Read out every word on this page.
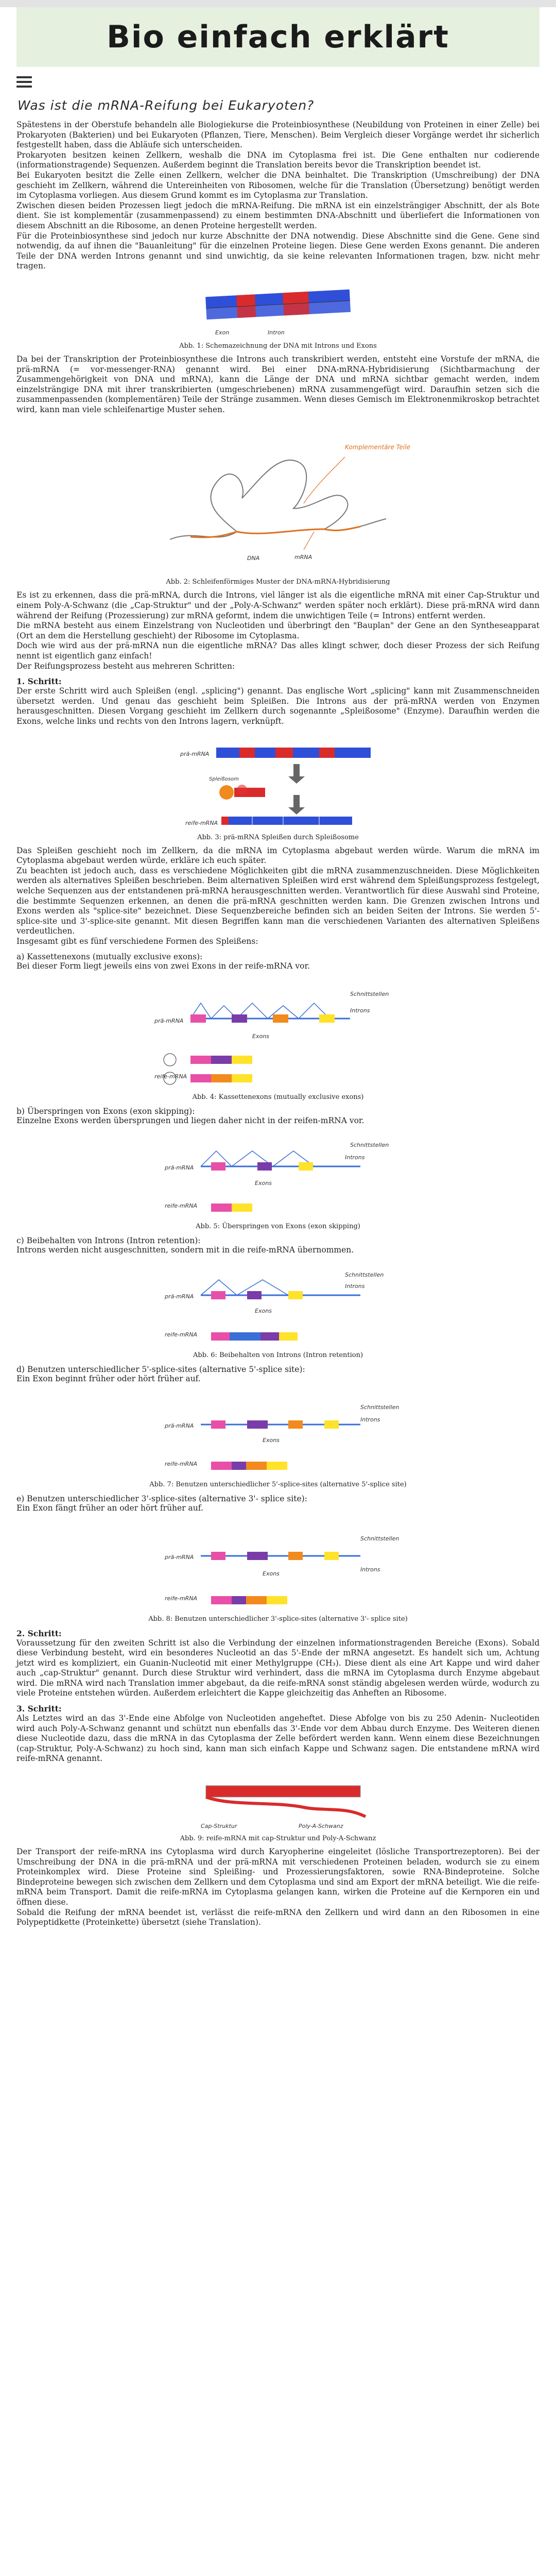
Bio einfach erklärt
Was ist die mRNA-Reifung bei Eukaryoten?

Spätestens in der Oberstufe behandeln alle Biologiekurse die Proteinbiosynthese (Neubildung von Proteinen in einer Zelle) bei Prokaryoten (Bakterien) und bei Eukaryoten (Pflanzen, Tiere, Menschen). Beim Vergleich dieser Vorgänge werdet ihr sicherlich festgestellt haben, dass die Abläufe sich unterscheiden.

Prokaryoten besitzen keinen Zellkern, weshalb die DNA im Cytoplasma frei ist. Die Gene enthalten nur codierende (informationstragende) Sequenzen. Außerdem beginnt die Translation bereits bevor die Transkription beendet ist.

Bei Eukaryoten besitzt die Zelle einen Zellkern, welcher die DNA beinhaltet. Die Transkription (Umschreibung) der DNA geschieht im Zellkern, während die Untereinheiten von Ribosomen, welche für die Translation (Übersetzung) benötigt werden im Cytoplasma vorliegen. Aus diesem Grund kommt es im Cytoplasma zur Translation.

Zwischen diesen beiden Prozessen liegt jedoch die mRNA-Reifung. Die mRNA ist ein einzelsträngiger Abschnitt, der als Bote dient. Sie ist komplementär (zusammenpassend) zu einem bestimmten DNA-Abschnitt und überliefert die Informationen von diesem Abschnitt an die Ribosome, an denen Proteine hergestellt werden.

Für die Proteinbiosynthese sind jedoch nur kurze Abschnitte der DNA notwendig. Diese Abschnitte sind die Gene. Gene sind notwendig, da auf ihnen die "Bauanleitung" für die einzelnen Proteine liegen. Diese Gene werden Exons genannt. Die anderen Teile der DNA werden Introns genannt und sind unwichtig, da sie keine relevanten Informationen tragen, bzw. nicht mehr tragen.

Exon	Intron
Abb. 1: Schemazeichnung der DNA mit Introns und Exons

Da bei der Transkription der Proteinbiosynthese die Introns auch transkribiert werden, entsteht eine Vorstufe der mRNA, die prä-mRNA (= vor-messenger-RNA) genannt wird. Bei einer DNA-mRNA-Hybridisierung (Sichtbarmachung der Zusammengehörigkeit von DNA und mRNA), kann die Länge der DNA und mRNA sichtbar gemacht werden, indem einzelsträngige DNA mit ihrer transkribierten (umgeschriebenen) mRNA zusammengefügt wird. Daraufhin setzen sich die zusammenpassenden (komplementären) Teile der Stränge zusammen. Wenn dieses Gemisch im Elektronenmikroskop betrachtet wird, kann man viele schleifenartige Muster sehen.

Komplementäre Teile
DNA	mRNA
Abb. 2: Schleifenförmiges Muster der DNA-mRNA-Hybridisierung

Es ist zu erkennen, dass die prä-mRNA, durch die Introns, viel länger ist als die eigentliche mRNA mit einer Cap-Struktur und einem Poly-A-Schwanz (die „Cap-Struktur" und der „Poly-A-Schwanz" werden später noch erklärt). Diese prä-mRNA wird dann während der Reifung (Prozessierung) zur mRNA geformt, indem die unwichtigen Teile (= Introns) entfernt werden.

Die mRNA besteht aus einem Einzelstrang von Nucleotiden und überbringt den "Bauplan" der Gene an den Syntheseapparat (Ort an dem die Herstellung geschieht) der Ribosome im Cytoplasma.

Doch wie wird aus der prä-mRNA nun die eigentliche mRNA? Das alles klingt schwer, doch dieser Prozess der sich Reifung nennt ist eigentlich ganz einfach!

Der Reifungsprozess besteht aus mehreren Schritten:

1. Schritt:

Der erste Schritt wird auch Spleißen (engl. „splicing") genannt. Das englische Wort „splicing" kann mit Zusammenschneiden übersetzt werden. Und genau das geschieht beim Spleißen. Die Introns aus der prä-mRNA werden von Enzymen herausgeschnitten. Diesen Vorgang geschieht im Zellkern durch sogenannte „Spleißosome" (Enzyme). Daraufhin werden die Exons, welche links und rechts von den Introns lagern, verknüpft.

prä-mRNA
Spleißosom
reife-mRNA
Abb. 3: prä-mRNA Spleißen durch Spleißosome

Das Spleißen geschieht noch im Zellkern, da die mRNA im Cytoplasma abgebaut werden würde. Warum die mRNA im Cytoplasma abgebaut werden würde, erkläre ich euch später.

Zu beachten ist jedoch auch, dass es verschiedene Möglichkeiten gibt die mRNA zusammenzuschneiden. Diese Möglichkeiten werden als alternatives Spleißen beschrieben. Beim alternativen Spleißen wird erst während dem Spleißungsprozess festgelegt, welche Sequenzen aus der entstandenen prä-mRNA herausgeschnitten werden. Verantwortlich für diese Auswahl sind Proteine, die bestimmte Sequenzen erkennen, an denen die prä-mRNA geschnitten werden kann. Die Grenzen zwischen Introns und Exons werden als "splice-site" bezeichnet. Diese Sequenzbereiche befinden sich an beiden Seiten der Introns. Sie werden 5'-splice-site und 3'-splice-site genannt. Mit diesen Begriffen kann man die verschiedenen Varianten des alternativen Spleißens verdeutlichen.

Insgesamt gibt es fünf verschiedene Formen des Spleißens:

a) Kassettenexons (mutually exclusive exons):

Bei dieser Form liegt jeweils eins von zwei Exons in der reife-mRNA vor.

prä-mRNA
Schnittstellen
Introns
Exons
reife-mRNA
Abb. 4: Kassettenexons (mutually exclusive exons)
b) Überspringen von Exons (exon skipping):

Einzelne Exons werden übersprungen und liegen daher nicht in der reifen-mRNA vor.

prä-mRNA
Schnittstellen
Introns
Exons
reife-mRNA
Abb. 5: Überspringen von Exons (exon skipping)
c) Beibehalten von Introns (Intron retention):

Introns werden nicht ausgeschnitten, sondern mit in die reife-mRNA übernommen.

prä-mRNA
Schnittstellen
Introns
Exons
reife-mRNA
Abb. 6: Beibehalten von Introns (Intron retention)
d) Benutzen unterschiedlicher 5'-splice-sites (alternative 5'-splice site):

Ein Exon beginnt früher oder hört früher auf.

prä-mRNA
Schnittstellen
Introns
Exons
reife-mRNA
Abb. 7: Benutzen unterschiedlicher 5'-splice-sites (alternative 5'-splice site)
e) Benutzen unterschiedlicher 3'-splice-sites (alternative 3'- splice site):

Ein Exon fängt früher an oder hört früher auf.

prä-mRNA
Schnittstellen
Introns
Exons
reife-mRNA
Abb. 8: Benutzen unterschiedlicher 3'-splice-sites (alternative 3'- splice site)
2. Schritt:

Voraussetzung für den zweiten Schritt ist also die Verbindung der einzelnen informationstragenden Bereiche (Exons). Sobald diese Verbindung besteht, wird ein besonderes Nucleotid an das 5'-Ende der mRNA angesetzt. Es handelt sich um, Achtung jetzt wird es kompliziert, ein Guanin-Nucleotid mit einer Methylgruppe (CH₃). Diese dient als eine Art Kappe und wird daher auch „cap-Struktur" genannt. Durch diese Struktur wird verhindert, dass die mRNA im Cytoplasma durch Enzyme abgebaut wird. Die mRNA wird nach Translation immer abgebaut, da die reife-mRNA sonst ständig abgelesen werden würde, wodurch zu viele Proteine entstehen würden. Außerdem erleichtert die Kappe gleichzeitig das Anheften an Ribosome.

3. Schritt:

Als Letztes wird an das 3'-Ende eine Abfolge von Nucleotiden angeheftet. Diese Abfolge von bis zu 250 Adenin- Nucleotiden wird auch Poly-A-Schwanz genannt und schützt nun ebenfalls das 3'-Ende vor dem Abbau durch Enzyme. Des Weiteren dienen diese Nucleotide dazu, dass die mRNA in das Cytoplasma der Zelle befördert werden kann. Wenn einem diese Bezeichnungen (cap-Struktur, Poly-A-Schwanz) zu hoch sind, kann man sich einfach Kappe und Schwanz sagen. Die entstandene mRNA wird reife-mRNA genannt.

Cap-Struktur	Poly-A-Schwanz
Abb. 9: reife-mRNA mit cap-Struktur und Poly-A-Schwanz

Der Transport der reife-mRNA ins Cytoplasma wird durch Karyopherine eingeleitet (lösliche Transportrezeptoren). Bei der Umschreibung der DNA in die prä-mRNA und der prä-mRNA mit verschiedenen Proteinen beladen, wodurch sie zu einem Proteinkomplex wird. Diese Proteine sind Spleißing- und Prozessierungsfaktoren, sowie RNA-Bindeproteine. Solche Bindeproteine bewegen sich zwischen dem Zellkern und dem Cytoplasma und sind am Export der mRNA beteiligt. Wie die reife-mRNA beim Transport. Damit die reife-mRNA im Cytoplasma gelangen kann, wirken die Proteine auf die Kernporen ein und öffnen diese.

Sobald die Reifung der mRNA beendet ist, verlässt die reife-mRNA den Zellkern und wird dann an den Ribosomen in eine Polypeptidkette (Proteinkette) übersetzt (siehe Translation).
